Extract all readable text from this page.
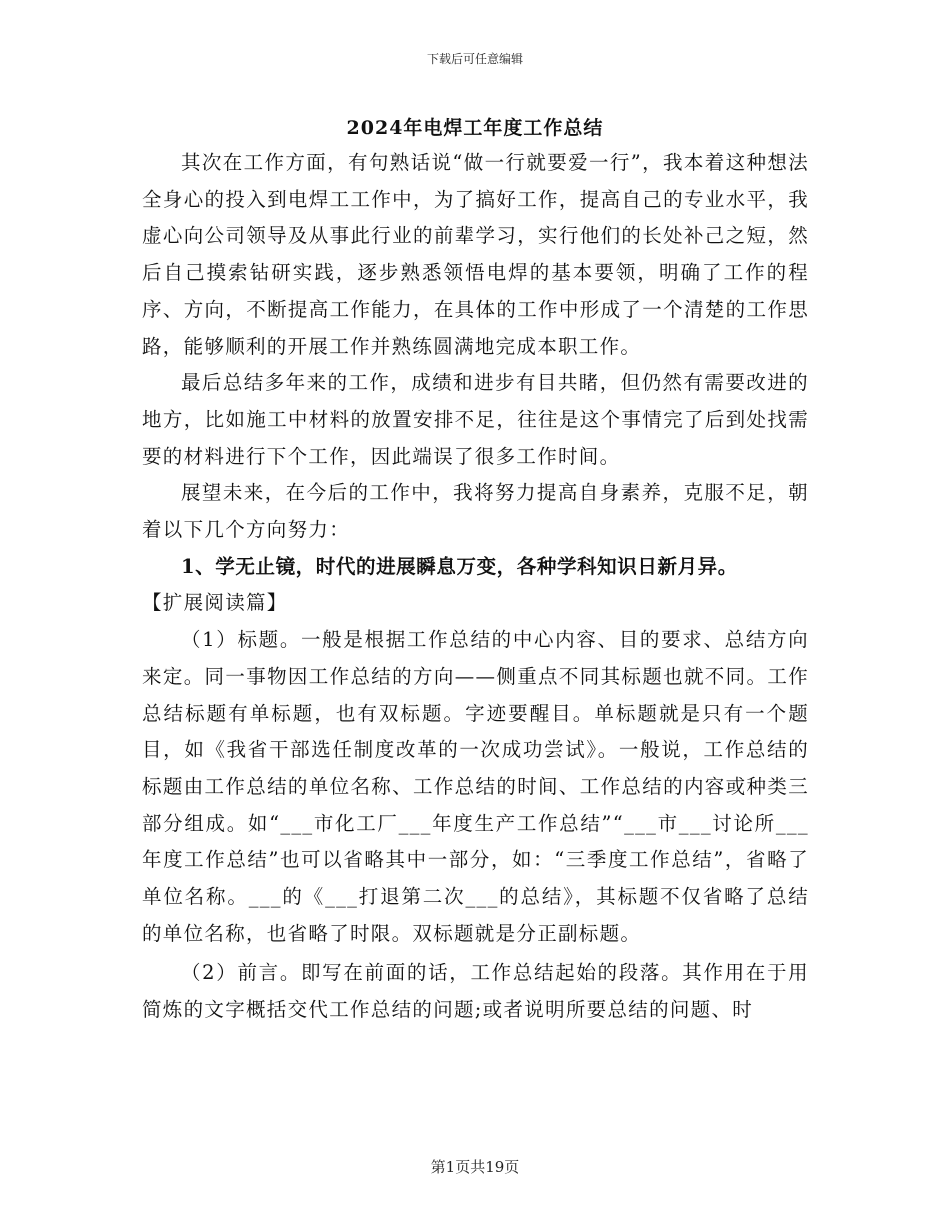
下载后可任意编辑
2024年电焊工年度工作总结

其次在工作方面，有句熟话说“做一行就要爱一行”，我本着这种想法全身心的投入到电焊工工作中，为了搞好工作，提高自己的专业水平，我虚心向公司领导及从事此行业的前辈学习，实行他们的长处补己之短，然后自己摸索钻研实践，逐步熟悉领悟电焊的基本要领，明确了工作的程序、方向，不断提高工作能力，在具体的工作中形成了一个清楚的工作思路，能够顺利的开展工作并熟练圆满地完成本职工作。

最后总结多年来的工作，成绩和进步有目共睹，但仍然有需要改进的地方，比如施工中材料的放置安排不足，往往是这个事情完了后到处找需要的材料进行下个工作，因此端误了很多工作时间。

展望未来，在今后的工作中，我将努力提高自身素养，克服不足，朝着以下几个方向努力：

1、学无止镜，时代的进展瞬息万变，各种学科知识日新月异。

【扩展阅读篇】

（1）标题。一般是根据工作总结的中心内容、目的要求、总结方向来定。同一事物因工作总结的方向——侧重点不同其标题也就不同。工作总结标题有单标题，也有双标题。字迹要醒目。单标题就是只有一个题目，如《我省干部选任制度改革的一次成功尝试》。一般说，工作总结的标题由工作总结的单位名称、工作总结的时间、工作总结的内容或种类三部分组成。如“___市化工厂___年度生产工作总结”“___市___讨论所___年度工作总结”也可以省略其中一部分，如：“三季度工作总结”，省略了单位名称。___的《___打退第二次___的总结》，其标题不仅省略了总结的单位名称，也省略了时限。双标题就是分正副标题。

（2）前言。即写在前面的话，工作总结起始的段落。其作用在于用简炼的文字概括交代工作总结的问题;或者说明所要总结的问题、时

第1页共19页
